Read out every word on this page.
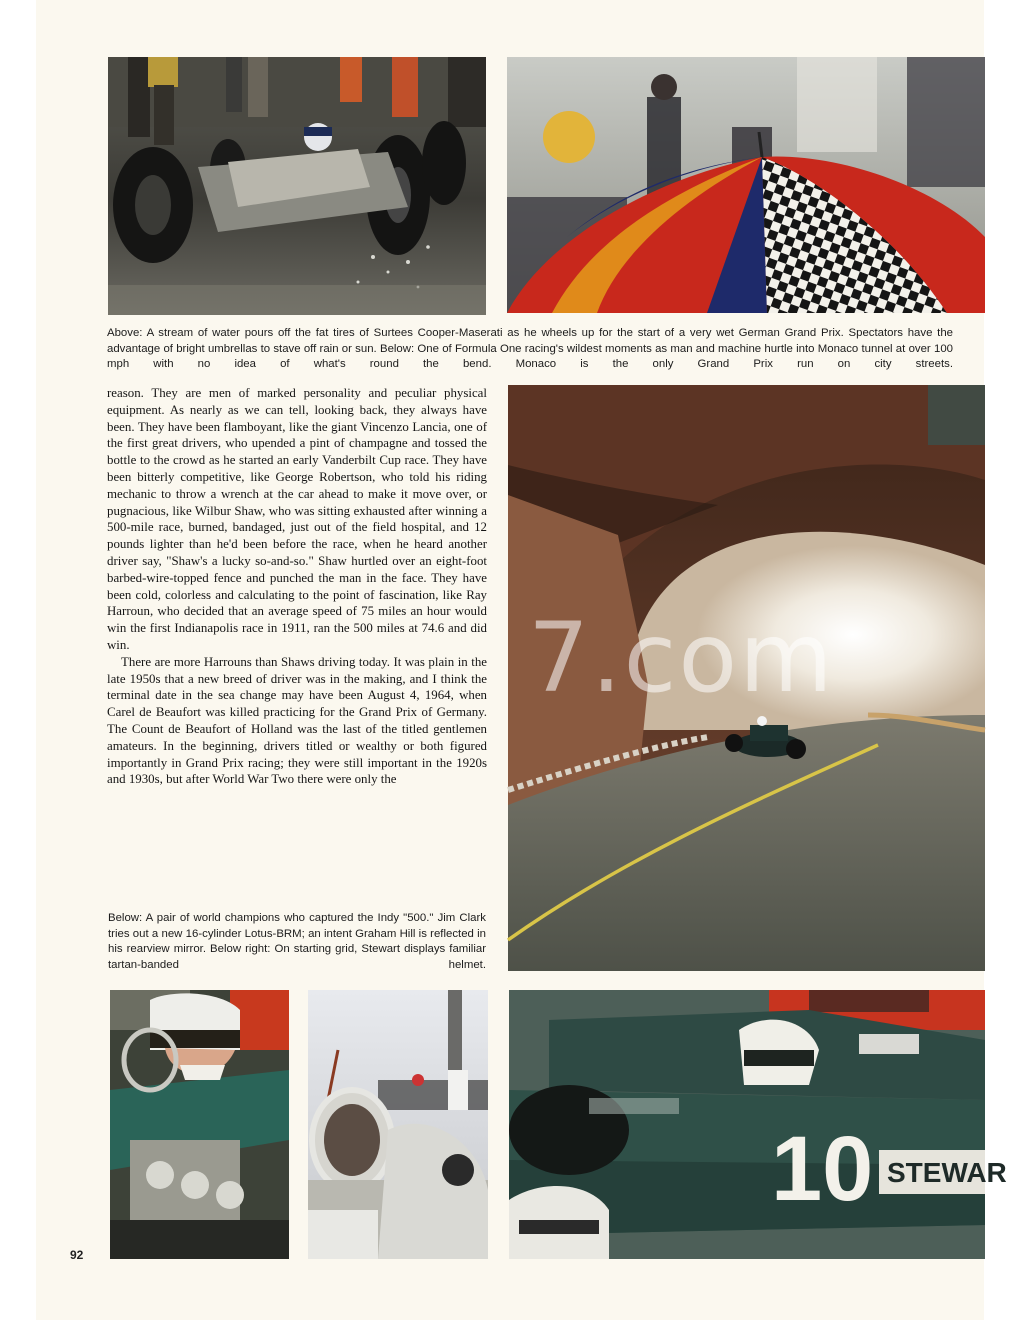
Above: A stream of water pours off the fat tires of Surtees Cooper-Maserati as he wheels up for the start of a very wet German Grand Prix. Spectators have the advantage of bright umbrellas to stave off rain or sun. Below: One of Formula One racing's wildest moments as man and machine hurtle into Monaco tunnel at over 100 mph with no idea of what's round the bend. Monaco is the only Grand Prix run on city streets.

reason. They are men of marked personality and peculiar physical equipment. As nearly as we can tell, looking back, they always have been. They have been flamboyant, like the giant Vincenzo Lancia, one of the first great drivers, who upended a pint of champagne and tossed the bottle to the crowd as he started an early Vanderbilt Cup race. They have been bitterly competitive, like George Robertson, who told his riding mechanic to throw a wrench at the car ahead to make it move over, or pugnacious, like Wilbur Shaw, who was sitting exhausted after winning a 500-mile race, burned, bandaged, just out of the field hospital, and 12 pounds lighter than he'd been before the race, when he heard another driver say, "Shaw's a lucky so-and-so." Shaw hurtled over an eight-foot barbed-wire-topped fence and punched the man in the face. They have been cold, colorless and calculating to the point of fascination, like Ray Harroun, who decided that an average speed of 75 miles an hour would win the first Indianapolis race in 1911, ran the 500 miles at 74.6 and did win.

There are more Harrouns than Shaws driving today. It was plain in the late 1950s that a new breed of driver was in the making, and I think the terminal date in the sea change may have been August 4, 1964, when Carel de Beaufort was killed practicing for the Grand Prix of Germany. The Count de Beaufort of Holland was the last of the titled gentlemen amateurs. In the beginning, drivers titled or wealthy or both figured importantly in Grand Prix racing; they were still important in the 1920s and 1930s, but after World War Two there were only the

7.com
Below: A pair of world champions who captured the Indy "500." Jim Clark tries out a new 16-cylinder Lotus-BRM; an intent Graham Hill is reflected in his rearview mirror. Below right: On starting grid, Stewart displays familiar tartan-banded helmet.
STEWAR
10
92
